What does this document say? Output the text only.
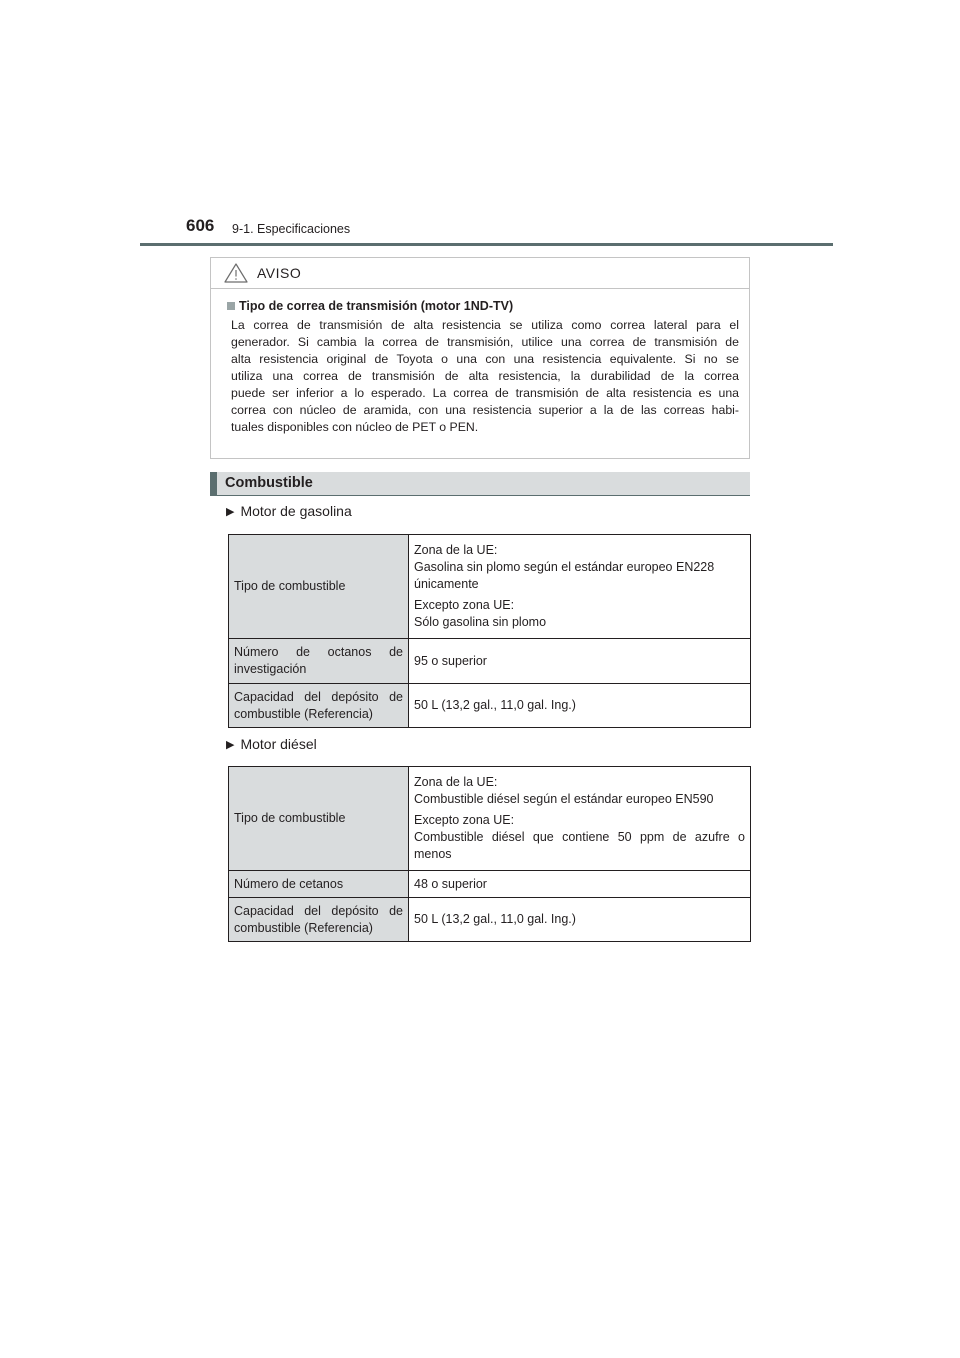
606 9-1. Especificaciones
AVISO
Tipo de correa de transmisión (motor 1ND-TV)
La correa de transmisión de alta resistencia se utiliza como correa lateral para el
generador. Si cambia la correa de transmisión, utilice una correa de transmisión de
alta resistencia original de Toyota o una con una resistencia equivalente. Si no se
utiliza una correa de transmisión de alta resistencia, la durabilidad de la correa
puede ser inferior a lo esperado. La correa de transmisión de alta resistencia es una
correa con núcleo de aramida, con una resistencia superior a la de las correas habi-
tuales disponibles con núcleo de PET o PEN.
Combustible
▶ Motor de gasolina
Tipo de combustible	Zona de la UE:
Gasolina sin plomo según el estándar europeo EN228
únicamente
Excepto zona UE:
Sólo gasolina sin plomo

Número de octanos de
investigación	95 o superior

Capacidad del depósito de
combustible (Referencia)	50 L (13,2 gal., 11,0 gal. Ing.)
▶ Motor diésel
Tipo de combustible	Zona de la UE:
Combustible diésel según el estándar europeo EN590
Excepto zona UE:
Combustible diésel que contiene 50 ppm de azufre o
menos

Número de cetanos	48 o superior

Capacidad del depósito de
combustible (Referencia)	50 L (13,2 gal., 11,0 gal. Ing.)
